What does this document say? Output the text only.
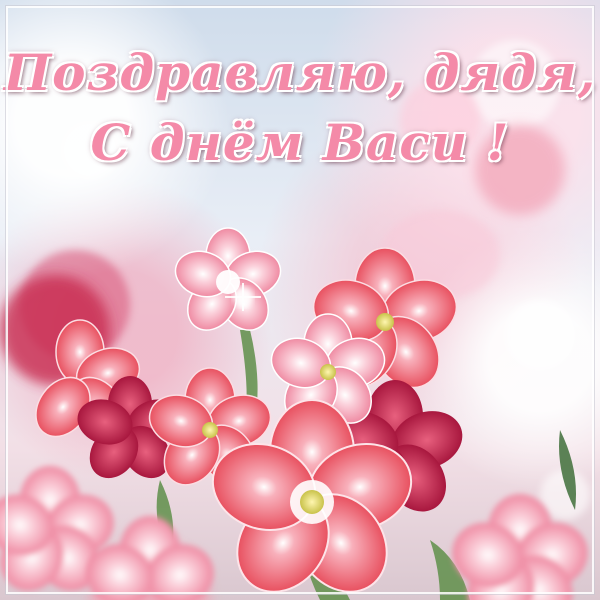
Поздравляю, дядя,
С днём Васи !
